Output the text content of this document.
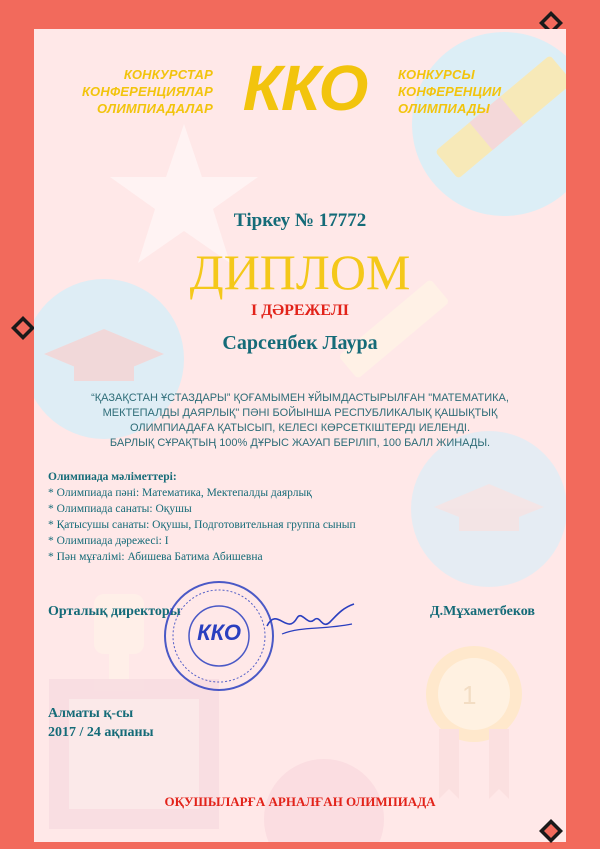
1
КОНКУРСТАР
КОНФЕРЕНЦИЯЛАР
ОЛИМПИАДАЛАР ККО	КОНКУРСЫ
КОНФЕРЕНЦИИ
ОЛИМПИАДЫ
Тіркеу № 17772
ДИПЛОМ
І ДӘРЕЖЕЛІ
Сарсенбек Лаура
“ҚАЗАҚСТАН ҰСТАЗДАРЫ” ҚОҒАМЫМЕН ҰЙЫМДАСТЫРЫЛҒАН "МАТЕМАТИКА,
МЕКТЕПАЛДЫ ДАЯРЛЫҚ" ПӘНІ БОЙЫНША РЕСПУБЛИКАЛЫҚ ҚАШЫҚТЫҚ
ОЛИМПИАДАҒА ҚАТЫСЫП, КЕЛЕСІ КӨРСЕТКІШТЕРДІ ИЕЛЕНДІ.
БАРЛЫҚ СҰРАҚТЫҢ 100% ДҰРЫС ЖАУАП БЕРІЛІП, 100 БАЛЛ ЖИНАДЫ.
Олимпиада мәліметтері:
* Олимпиада пәні: Математика, Мектепалды даярлық
* Олимпиада санаты: Оқушы
* Қатысушы санаты: Оқушы, Подготовительная группа сынып
* Олимпиада дәрежесі: І
* Пән мұғалімі: Абишева Батима Абишевна
Орталық директоры	Д.Мұхаметбеков
ККО
Алматы қ-сы
2017 / 24 ақпаны
ОҚУШЫЛАРҒА АРНАЛҒАН ОЛИМПИАДА
